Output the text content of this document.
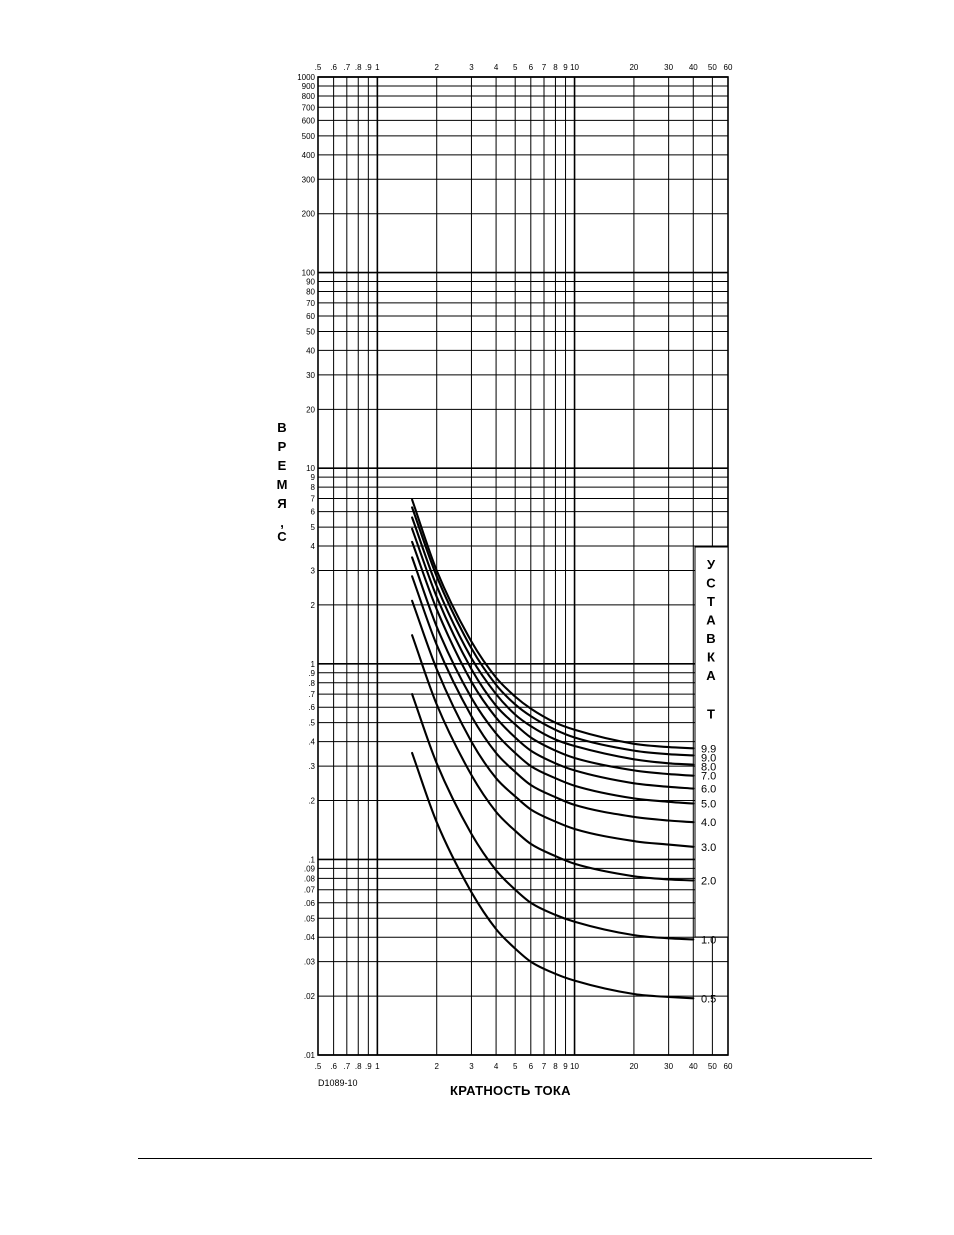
У
С
Т
А
В
К
А
Т
9.9
9.0
8.0
7.0
6.0
5.0
4.0
3.0
2.0
1.0
0.5
.5
.5
.6
.6
.7
.7
.8
.8
.9
.9
1
1
2
2
3
3
4
4
5
5
6
6
7
7
8
8
9
9
10
10
20
20
30
30
40
40
50
50
60
60
1000
900
800
700
600
500
400
300
200
100
90
80
70
60
50
40
30
20
10
9
8
7
6
5
4
3
2
1
.9
.8
.7
.6
.5
.4
.3
.2
.1
.09
.08
.07
.06
.05
.04
.03
.02
.01
В
Р
Е
М
Я
,
С
D1089-10	КРАТНОСТЬ ТОКА
